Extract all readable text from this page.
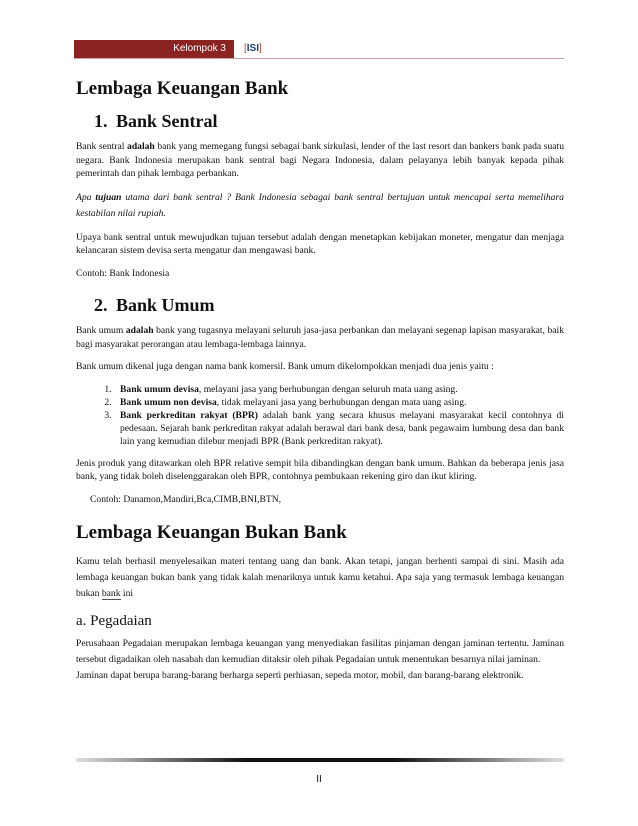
Kelompok 3	[ISI]
Lembaga Keuangan Bank
1. Bank Sentral

Bank sentral adalah bank yang memegang fungsi sebagai bank sirkulasi, lender of the last resort dan bankers bank pada suatu negara. Bank Indonesia merupakan bank sentral bagi Negara Indonesia, dalam pelayanya lebih banyak kepada pihak pemerintah dan pihak lembaga perbankan.

Apa tujuan utama dari bank sentral ? Bank Indonesia sebagai bank sentral bertujuan untuk mencapai serta memelihara kestabilan nilai rupiah.

Upaya bank sentral untuk mewujudkan tujuan tersebut adalah dengan menetapkan kebijakan moneter, mengatur dan menjaga kelancaran sistem devisa serta mengatur dan mengawasi bank.

Contoh: Bank Indonesia

2. Bank Umum

Bank umum adalah bank yang tugasnya melayani seluruh jasa-jasa perbankan dan melayani segenap lapisan masyarakat, baik bagi masyarakat perorangan atau lembaga-lembaga lainnya.

Bank umum dikenal juga dengan nama bank komersil. Bank umum dikelompokkan menjadi dua jenis yaitu :

1. Bank umum devisa, melayani jasa yang berhubungan dengan seluruh mata uang asing.
2. Bank umum non devisa, tidak melayani jasa yang berhubungan dengan mata uang asing.
3. Bank perkreditan rakyat (BPR) adalah bank yang secara khusus melayani masyarakat kecil contohnya di pedesaan. Sejarah bank perkreditan rakyat adalah berawal dari bank desa, bank pegawaim lumbung desa dan bank lain yang kemudian dilebur menjadi BPR (Bank perkreditan rakyat).

Jenis produk yang ditawarkan oleh BPR relative sempit bila dibandingkan dengan bank umum. Bahkan da beberapa jenis jasa bank, yang tidak boleh diselenggarakan oleh BPR, contohnya pembukaan rekening giro dan ikut kliring.

Contoh: Danamon,Mandiri,Bca,CIMB,BNI,BTN,

Lembaga Keuangan Bukan Bank

Kamu telah berhasil menyelesaikan materi tentang uang dan bank. Akan tetapi, jangan berhenti sampai di sini. Masih ada lembaga keuangan bukan bank yang tidak kalah menariknya untuk kamu ketahui. Apa saja yang termasuk lembaga keuangan bukan bank ini

a. Pegadaian

Perusahaan Pegadaian merupakan lembaga keuangan yang menyediakan fasilitas pinjaman dengan jaminan tertentu. Jaminan tersebut digadaikan oleh nasabah dan kemudian ditaksir oleh pihak Pegadaian untuk menentukan besarnya nilai jaminan.

Jaminan dapat berupa barang-barang berharga seperti perhiasan, sepeda motor, mobil, dan barang-barang elektronik.

II
